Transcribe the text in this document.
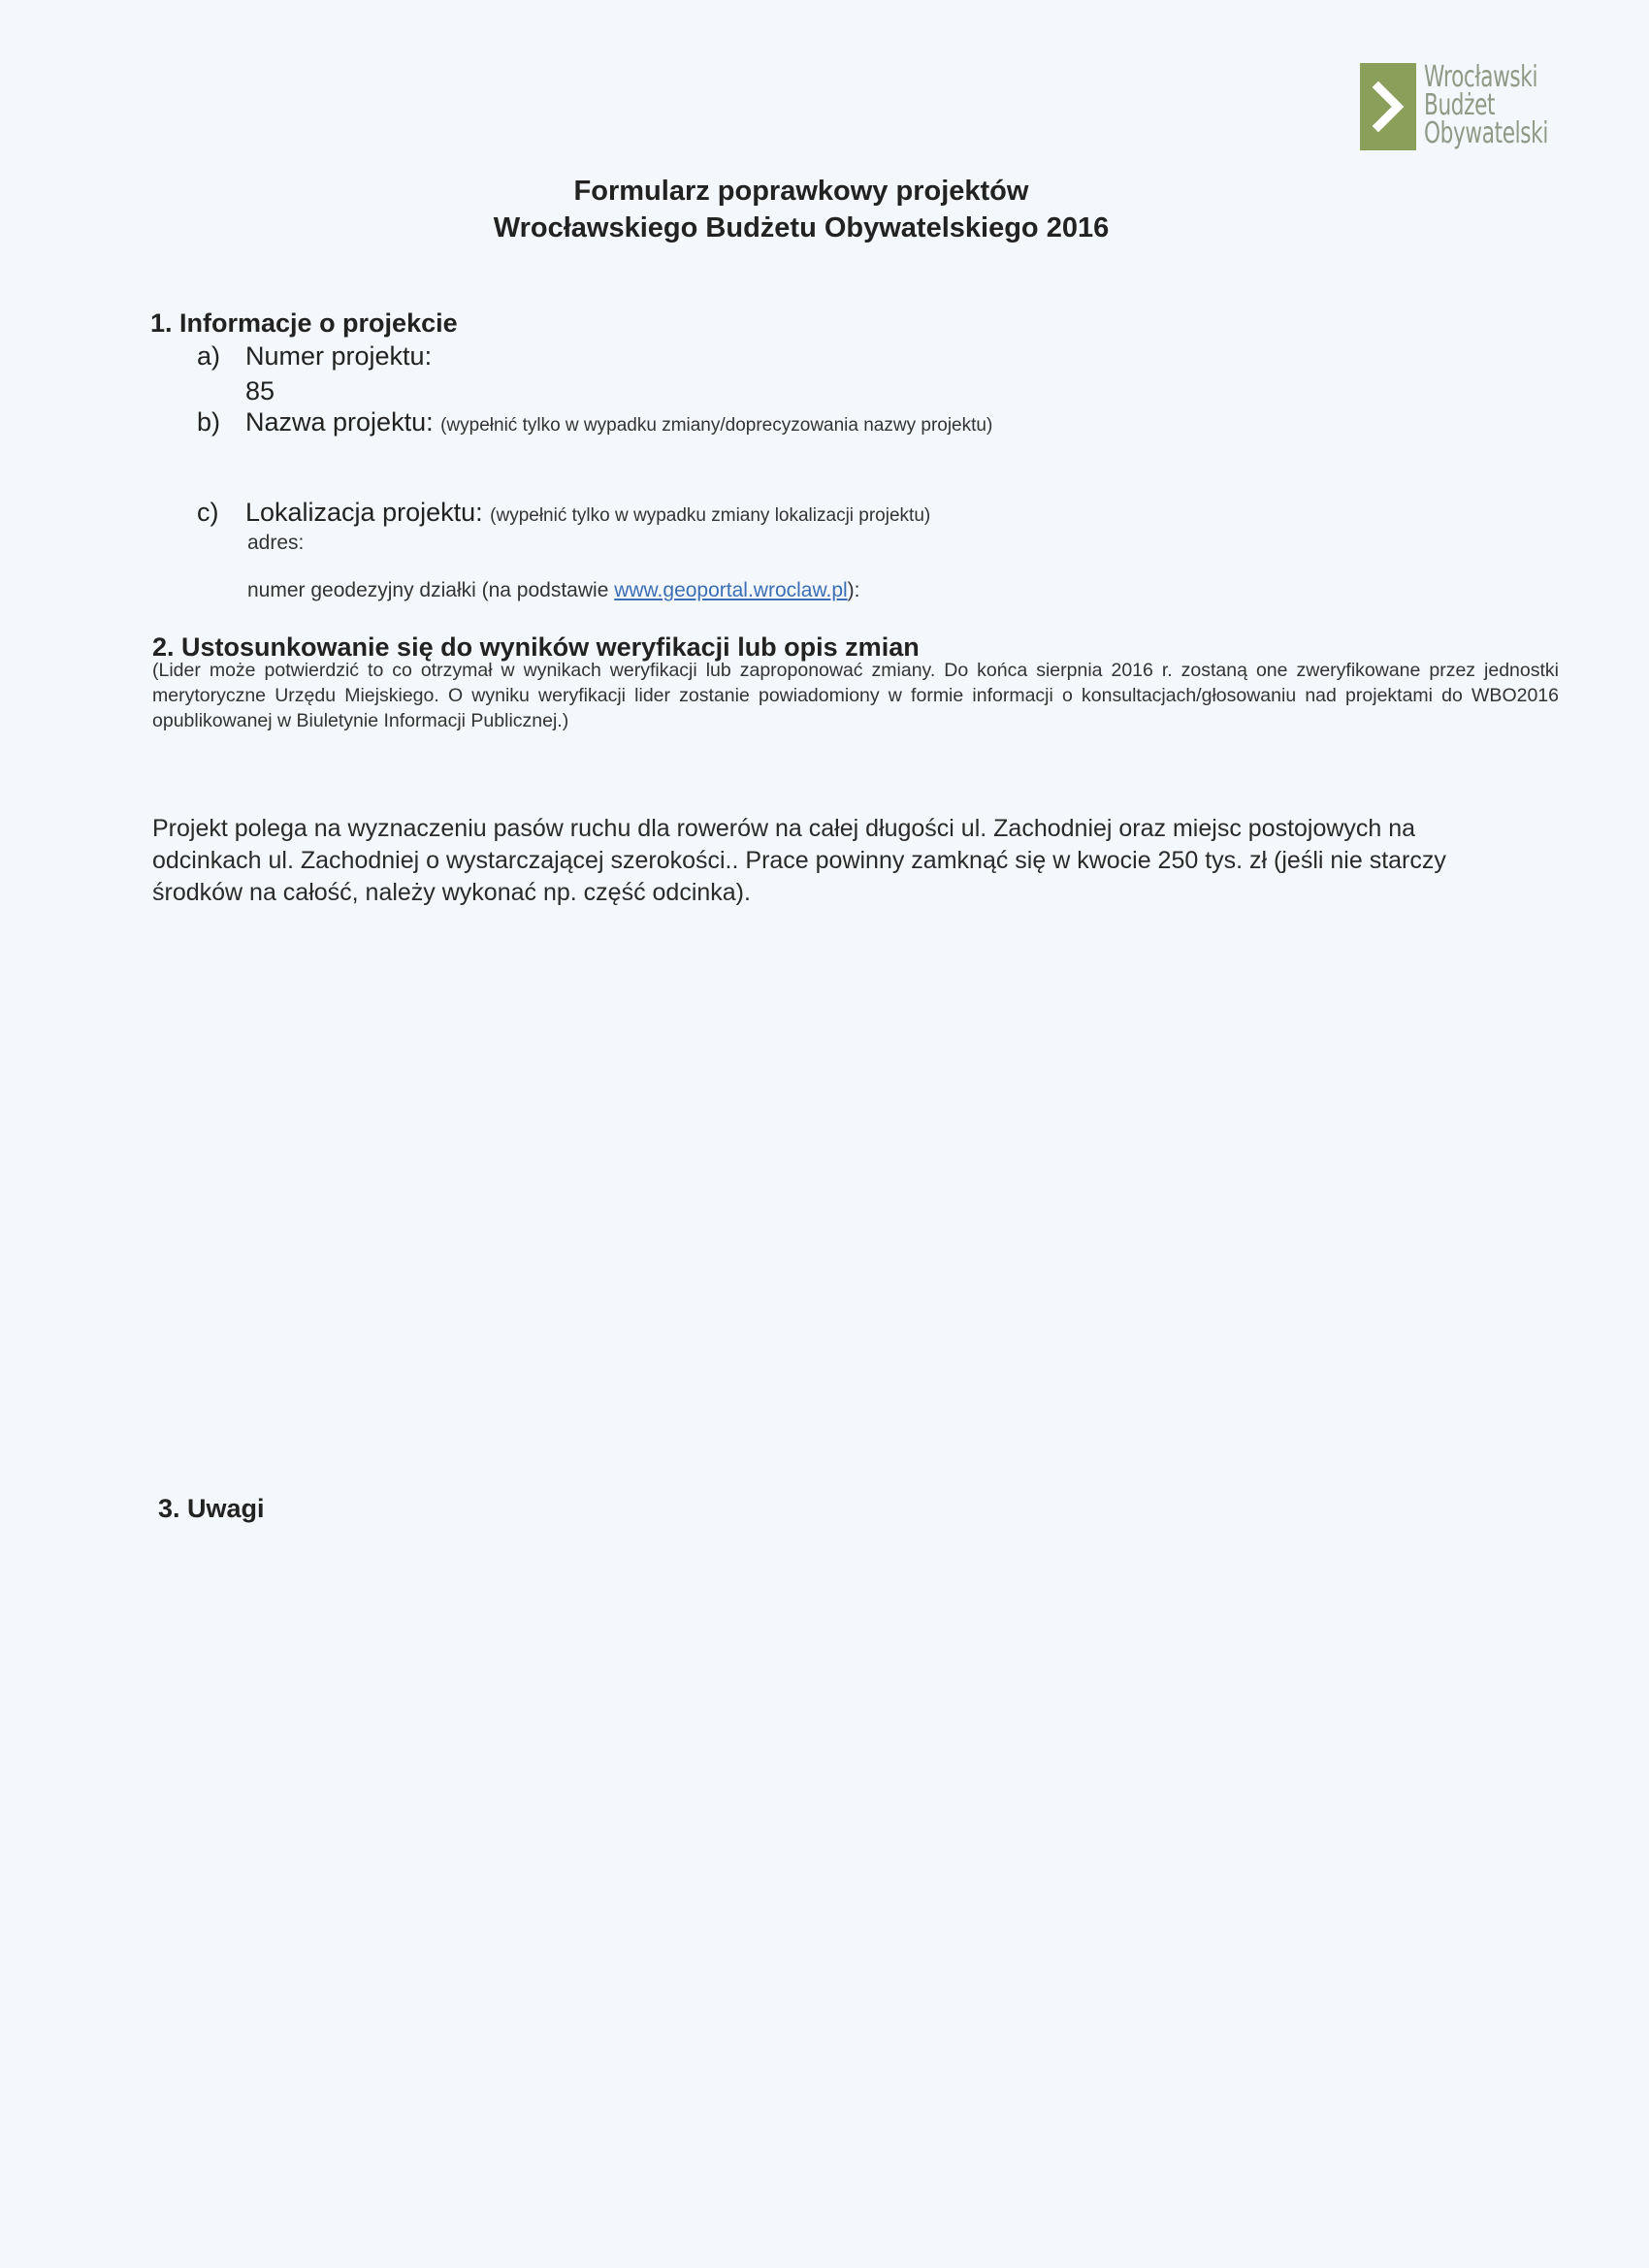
Wrocławski
Budżet
Obywatelski
Formularz poprawkowy projektów
Wrocławskiego Budżetu Obywatelskiego 2016
1. Informacje o projekcie
a) Numer projektu:
85
b) Nazwa projektu: (wypełnić tylko w wypadku zmiany/doprecyzowania nazwy projektu)
c) Lokalizacja projektu: (wypełnić tylko w wypadku zmiany lokalizacji projektu)
adres:
numer geodezyjny działki (na podstawie www.geoportal.wroclaw.pl):
2. Ustosunkowanie się do wyników weryfikacji lub opis zmian
(Lider może potwierdzić to co otrzymał w wynikach weryfikacji lub zaproponować zmiany. Do końca sierpnia 2016 r. zostaną one zweryfikowane przez jednostki merytoryczne Urzędu Miejskiego. O wyniku weryfikacji lider zostanie powiadomiony w formie informacji o konsultacjach/głosowaniu nad projektami do WBO2016 opublikowanej w Biuletynie Informacji Publicznej.)
Projekt polega na wyznaczeniu pasów ruchu dla rowerów na całej długości ul. Zachodniej oraz miejsc postojowych na odcinkach ul. Zachodniej o wystarczającej szerokości.. Prace powinny zamknąć się w kwocie 250 tys. zł (jeśli nie starczy środków na całość, należy wykonać np. część odcinka).
3. Uwagi
